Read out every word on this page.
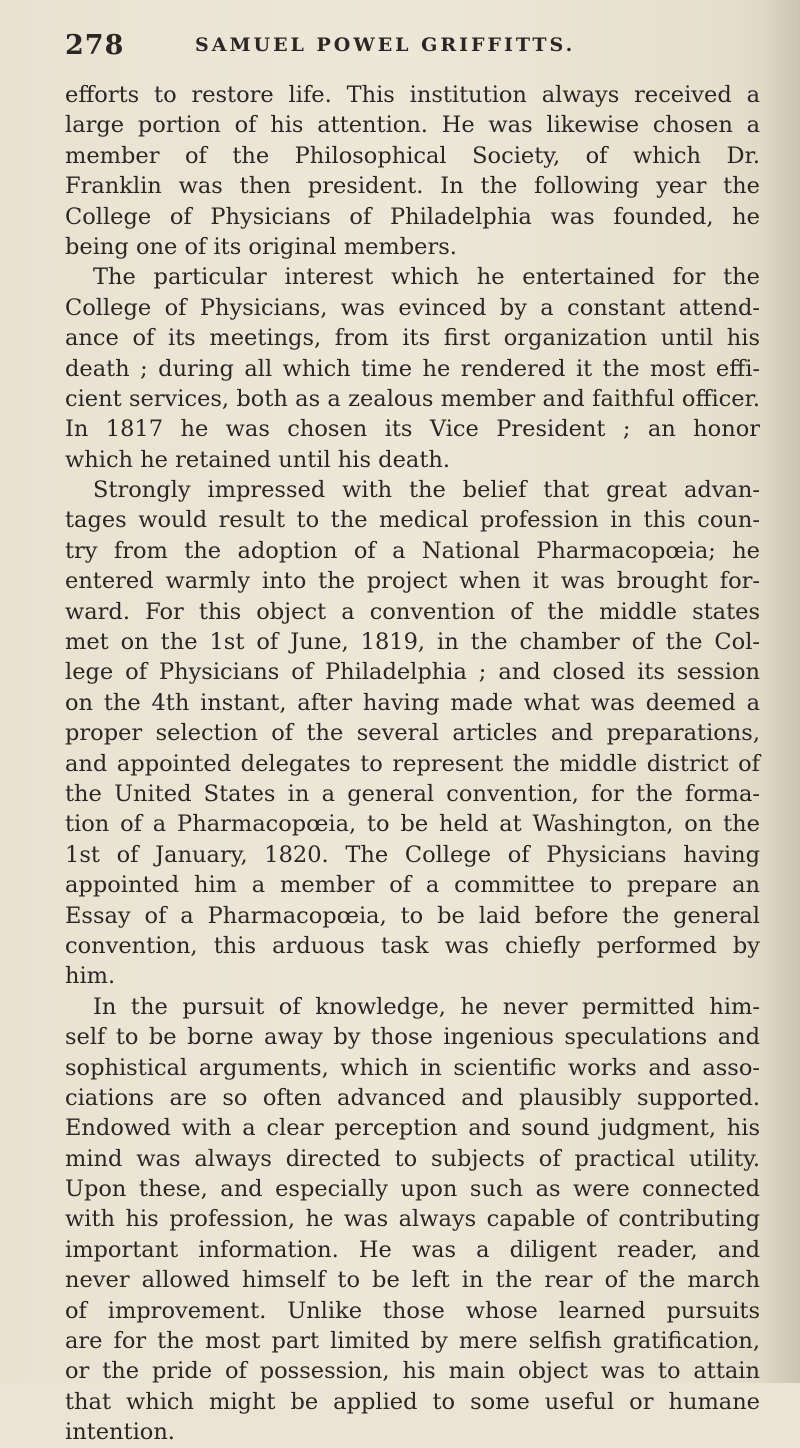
278	SAMUEL POWEL GRIFFITTS.
efforts to restore life. This institution always received a
large portion of his attention. He was likewise chosen a
member of the Philosophical Society, of which Dr.
Franklin was then president. In the following year the
College of Physicians of Philadelphia was founded, he
being one of its original members.
The particular interest which he entertained for the
College of Physicians, was evinced by a constant attend-
ance of its meetings, from its first organization until his
death ; during all which time he rendered it the most effi-
cient services, both as a zealous member and faithful officer.
In 1817 he was chosen its Vice President ; an honor
which he retained until his death.
Strongly impressed with the belief that great advan-
tages would result to the medical profession in this coun-
try from the adoption of a National Pharmacopœia; he
entered warmly into the project when it was brought for-
ward. For this object a convention of the middle states
met on the 1st of June, 1819, in the chamber of the Col-
lege of Physicians of Philadelphia ; and closed its session
on the 4th instant, after having made what was deemed a
proper selection of the several articles and preparations,
and appointed delegates to represent the middle district of
the United States in a general convention, for the forma-
tion of a Pharmacopœia, to be held at Washington, on the
1st of January, 1820. The College of Physicians having
appointed him a member of a committee to prepare an
Essay of a Pharmacopœia, to be laid before the general
convention, this arduous task was chiefly performed by
him.
In the pursuit of knowledge, he never permitted him-
self to be borne away by those ingenious speculations and
sophistical arguments, which in scientific works and asso-
ciations are so often advanced and plausibly supported.
Endowed with a clear perception and sound judgment, his
mind was always directed to subjects of practical utility.
Upon these, and especially upon such as were connected
with his profession, he was always capable of contributing
important information. He was a diligent reader, and
never allowed himself to be left in the rear of the march
of improvement. Unlike those whose learned pursuits
are for the most part limited by mere selfish gratification,
or the pride of possession, his main object was to attain
that which might be applied to some useful or humane
intention.
